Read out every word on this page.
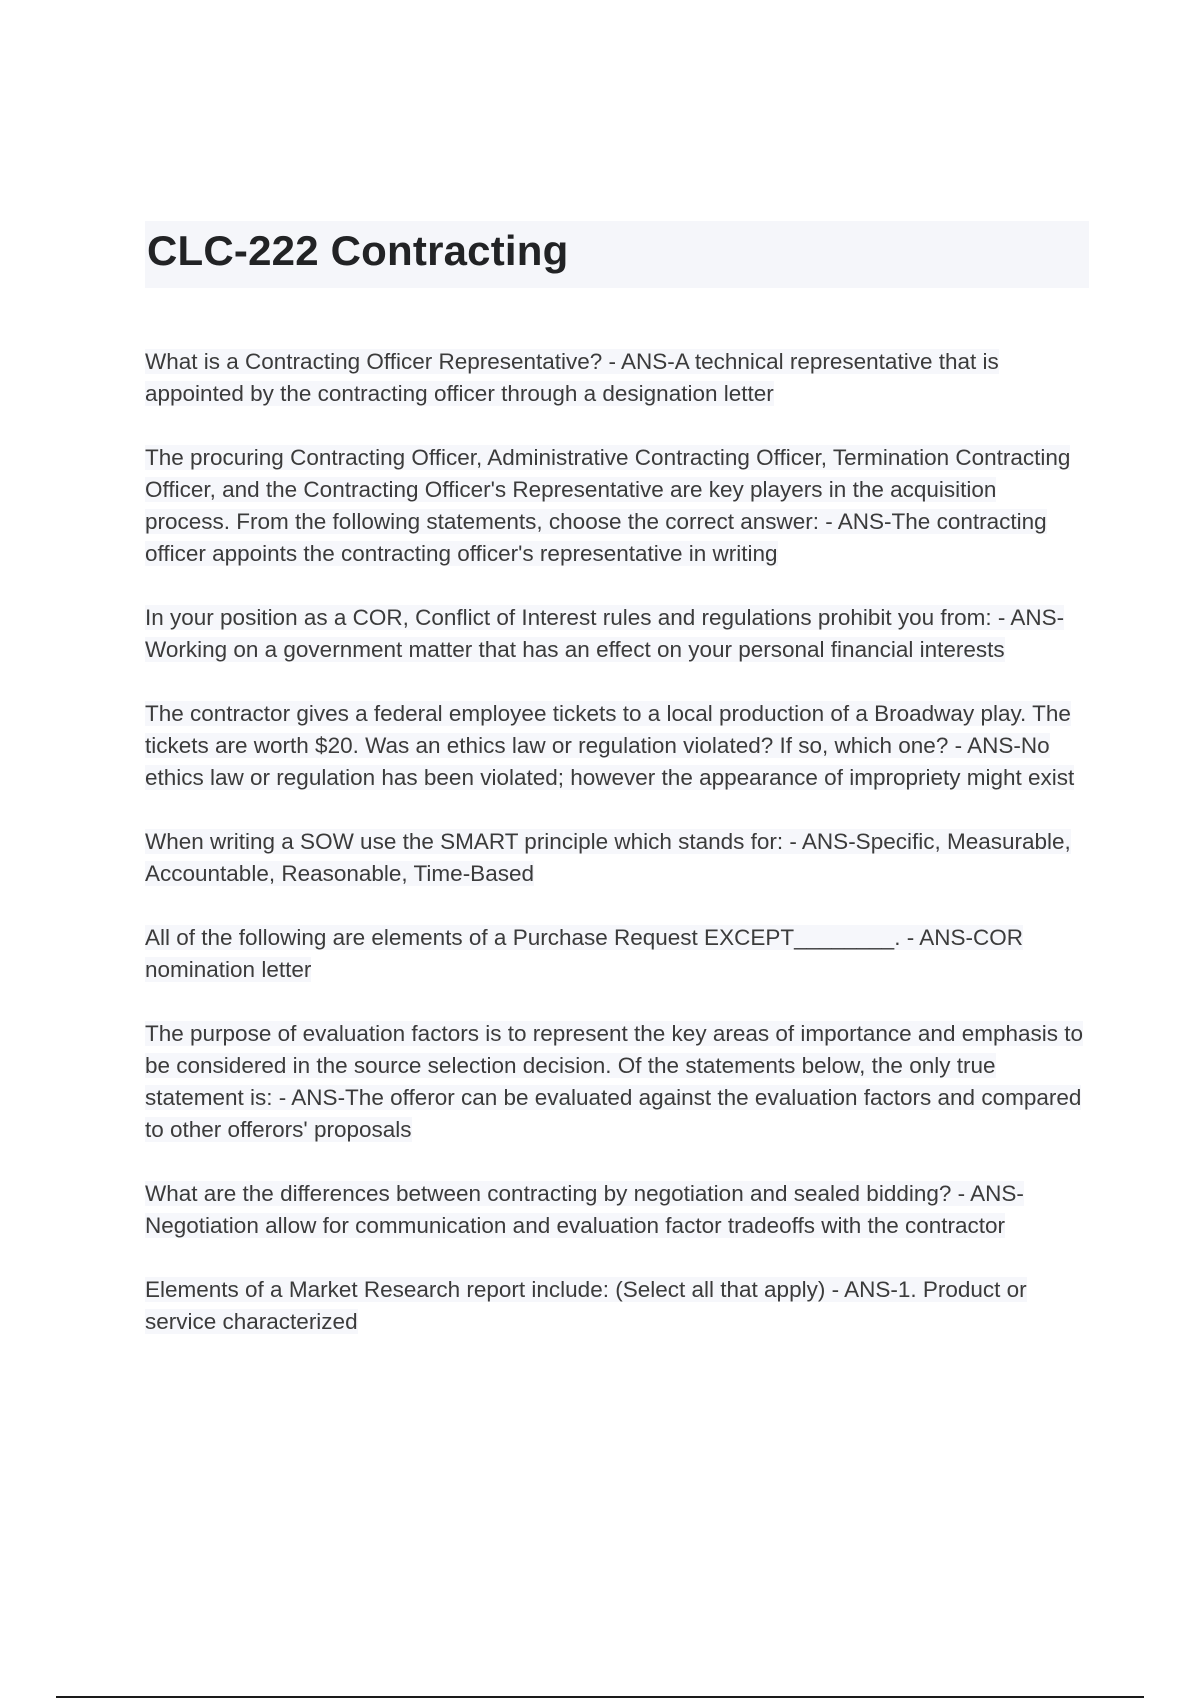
CLC-222 Contracting

What is a Contracting Officer Representative? - ANS-A technical representative that is appointed by the contracting officer through a designation letter

The procuring Contracting Officer, Administrative Contracting Officer, Termination Contracting Officer, and the Contracting Officer's Representative are key players in the acquisition process. From the following statements, choose the correct answer: - ANS-The contracting officer appoints the contracting officer's representative in writing

In your position as a COR, Conflict of Interest rules and regulations prohibit you from: - ANS-Working on a government matter that has an effect on your personal financial interests

The contractor gives a federal employee tickets to a local production of a Broadway play. The tickets are worth $20. Was an ethics law or regulation violated? If so, which one? - ANS-No ethics law or regulation has been violated; however the appearance of impropriety might exist

When writing a SOW use the SMART principle which stands for: - ANS-Specific, Measurable, Accountable, Reasonable, Time-Based

All of the following are elements of a Purchase Request EXCEPT________. - ANS-COR nomination letter

The purpose of evaluation factors is to represent the key areas of importance and emphasis to be considered in the source selection decision. Of the statements below, the only true statement is: - ANS-The offeror can be evaluated against the evaluation factors and compared to other offerors' proposals

What are the differences between contracting by negotiation and sealed bidding? - ANS-Negotiation allow for communication and evaluation factor tradeoffs with the contractor

Elements of a Market Research report include: (Select all that apply) - ANS-1. Product or service characterized
